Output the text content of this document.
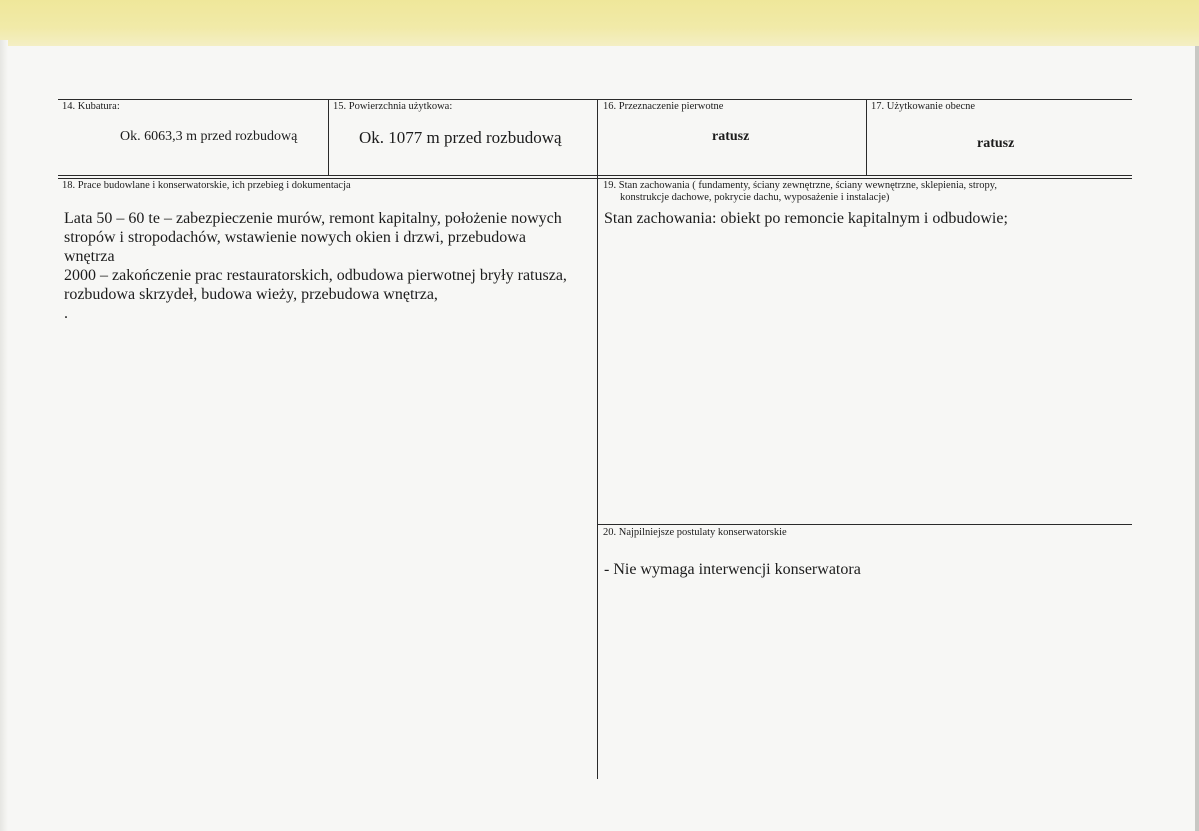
14. Kubatura:
Ok. 6063,3 m przed rozbudową
15. Powierzchnia użytkowa:
Ok. 1077 m przed rozbudową
16. Przeznaczenie pierwotne
ratusz
17. Użytkowanie obecne
ratusz
18. Prace budowlane i konserwatorskie, ich przebieg i dokumentacja
Lata 50 – 60 te – zabezpieczenie murów, remont kapitalny, położenie nowych
stropów i stropodachów, wstawienie nowych okien i drzwi, przebudowa
wnętrza
2000 – zakończenie prac restauratorskich, odbudowa pierwotnej bryły ratusza,
rozbudowa skrzydeł, budowa wieży, przebudowa wnętrza,
.
19. Stan zachowania ( fundamenty, ściany zewnętrzne, ściany wewnętrzne, sklepienia, stropy,
konstrukcje dachowe, pokrycie dachu, wyposażenie i instalacje)
Stan zachowania: obiekt po remoncie kapitalnym i odbudowie;
20. Najpilniejsze postulaty konserwatorskie
- Nie wymaga interwencji konserwatora
